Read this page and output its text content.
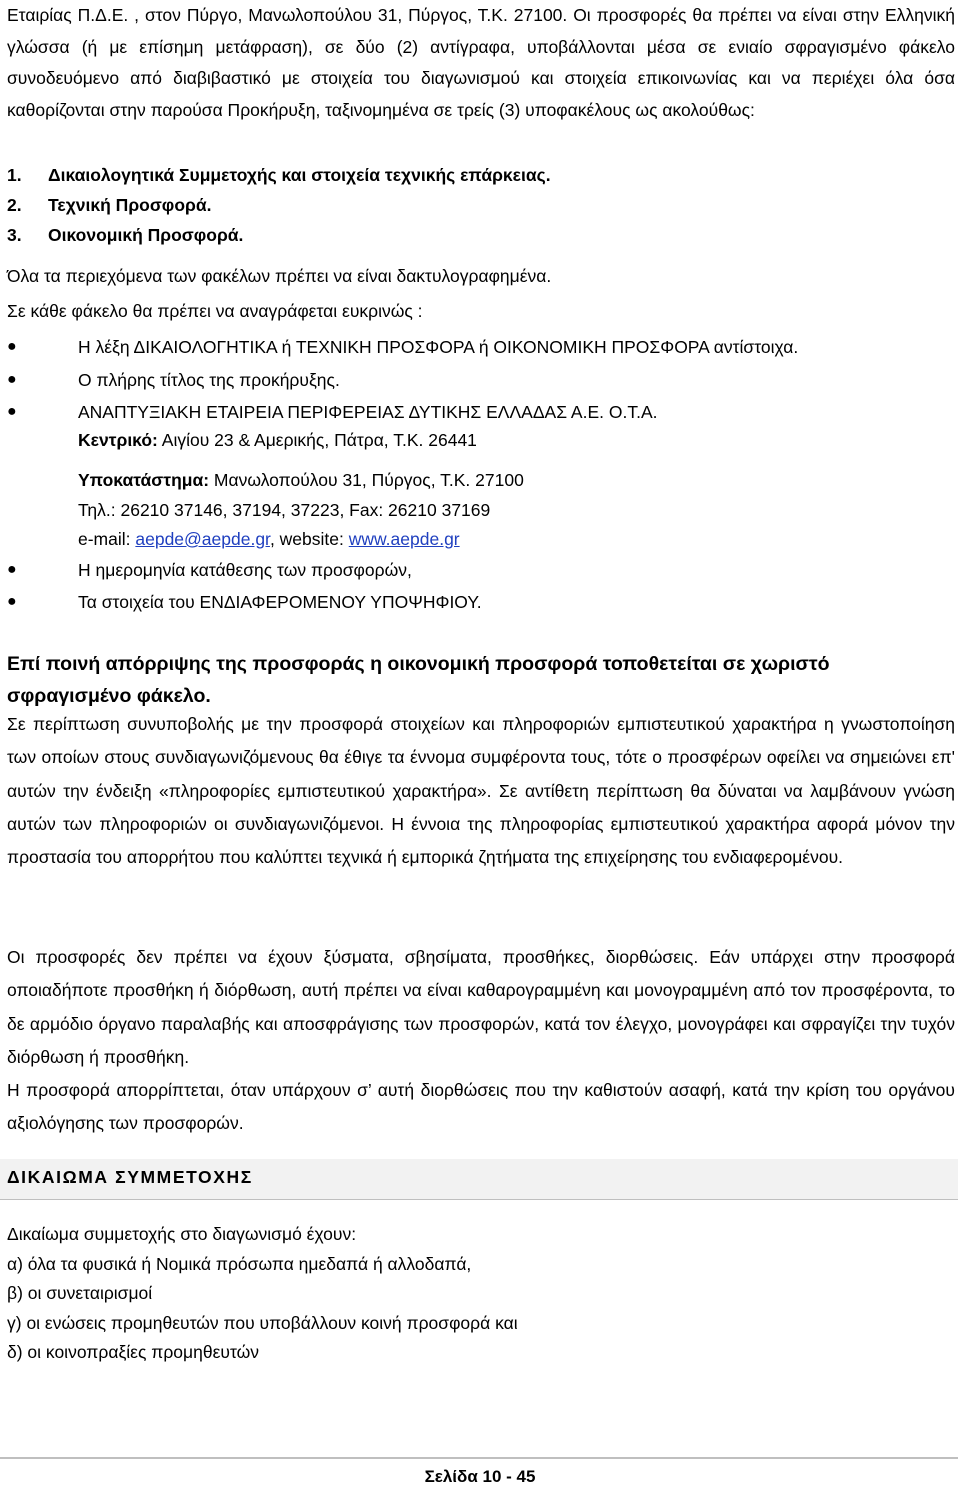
Εταιρίας Π.Δ.Ε. , στον Πύργο, Μανωλοπούλου 31, Πύργος, Τ.Κ. 27100. Οι προσφορές θα πρέπει να είναι στην Ελληνική γλώσσα (ή με επίσημη μετάφραση), σε δύο (2) αντίγραφα, υποβάλλονται μέσα σε ενιαίο σφραγισμένο φάκελο συνοδευόμενο από διαβιβαστικό με στοιχεία του διαγωνισμού και στοιχεία επικοινωνίας και να περιέχει όλα όσα καθορίζονται στην παρούσα Προκήρυξη, ταξινομημένα σε τρείς (3) υποφακέλους ως ακολούθως:

1.	Δικαιολογητικά Συμμετοχής και στοιχεία τεχνικής επάρκειας.
2.	Τεχνική Προσφορά.
3.	Οικονομική Προσφορά.
Όλα τα περιεχόμενα των φακέλων πρέπει να είναι δακτυλογραφημένα.
Σε κάθε φάκελο θα πρέπει να αναγράφεται ευκρινώς :
●	Η λέξη ΔΙΚΑΙΟΛΟΓΗΤΙΚΑ ή ΤΕΧΝΙΚΗ ΠΡΟΣΦΟΡΑ ή ΟΙΚΟΝΟΜΙΚΗ ΠΡΟΣΦΟΡΑ αντίστοιχα.
●	Ο πλήρης τίτλος της προκήρυξης.
●	ΑΝΑΠΤΥΞΙΑΚΗ ΕΤΑΙΡΕΙΑ ΠΕΡΙΦΕΡΕΙΑΣ ΔΥΤΙΚΗΣ ΕΛΛΑΔΑΣ Α.Ε. Ο.Τ.Α.
Κεντρικό: Αιγίου 23 & Αμερικής, Πάτρα, Τ.Κ. 26441
Υποκατάστημα: Μανωλοπούλου 31, Πύργος, Τ.Κ. 27100
Τηλ.: 26210 37146, 37194, 37223, Fax: 26210 37169
e-mail: aepde@aepde.gr, website: www.aepde.gr
●	Η ημερομηνία κατάθεσης των προσφορών,
●	Τα στοιχεία του ΕΝΔΙΑΦΕΡΟΜΕΝΟΥ ΥΠΟΨΗΦΙΟΥ.
Επί ποινή απόρριψης της προσφοράς η οικονομική προσφορά τοποθετείται σε χωριστό σφραγισμένο φάκελο.

Σε περίπτωση συνυποβολής με την προσφορά στοιχείων και πληροφοριών εμπιστευτικού χαρακτήρα η γνωστοποίηση των οποίων στους συνδιαγωνιζόμενους θα έθιγε τα έννομα συμφέροντα τους, τότε ο προσφέρων οφείλει να σημειώνει επ' αυτών την ένδειξη «πληροφορίες εμπιστευτικού χαρακτήρα». Σε αντίθετη περίπτωση θα δύναται να λαμβάνουν γνώση αυτών των πληροφοριών οι συνδιαγωνιζόμενοι. Η έννοια της πληροφορίας εμπιστευτικού χαρακτήρα αφορά μόνον την προστασία του απορρήτου που καλύπτει τεχνικά ή εμπορικά ζητήματα της επιχείρησης του ενδιαφερομένου.

Οι προσφορές δεν πρέπει να έχουν ξύσματα, σβησίματα, προσθήκες, διορθώσεις. Εάν υπάρχει στην προσφορά οποιαδήποτε προσθήκη ή διόρθωση, αυτή πρέπει να είναι καθαρογραμμένη και μονογραμμένη από τον προσφέροντα, το δε αρμόδιο όργανο παραλαβής και αποσφράγισης των προσφορών, κατά τον έλεγχο, μονογράφει και σφραγίζει την τυχόν διόρθωση ή προσθήκη.

Η προσφορά απορρίπτεται, όταν υπάρχουν σ’ αυτή διορθώσεις που την καθιστούν ασαφή, κατά την κρίση του οργάνου αξιολόγησης των προσφορών.

ΔΙΚΑΙΩΜΑ ΣΥΜΜΕΤΟΧΗΣ
Δικαίωμα συμμετοχής στο διαγωνισμό έχουν:
α) όλα τα φυσικά ή Νομικά πρόσωπα ημεδαπά ή αλλοδαπά,
β) οι συνεταιρισμοί
γ) οι ενώσεις προμηθευτών που υποβάλλουν κοινή προσφορά και
δ) οι κοινοπραξίες προμηθευτών
Σελίδα 10 - 45
